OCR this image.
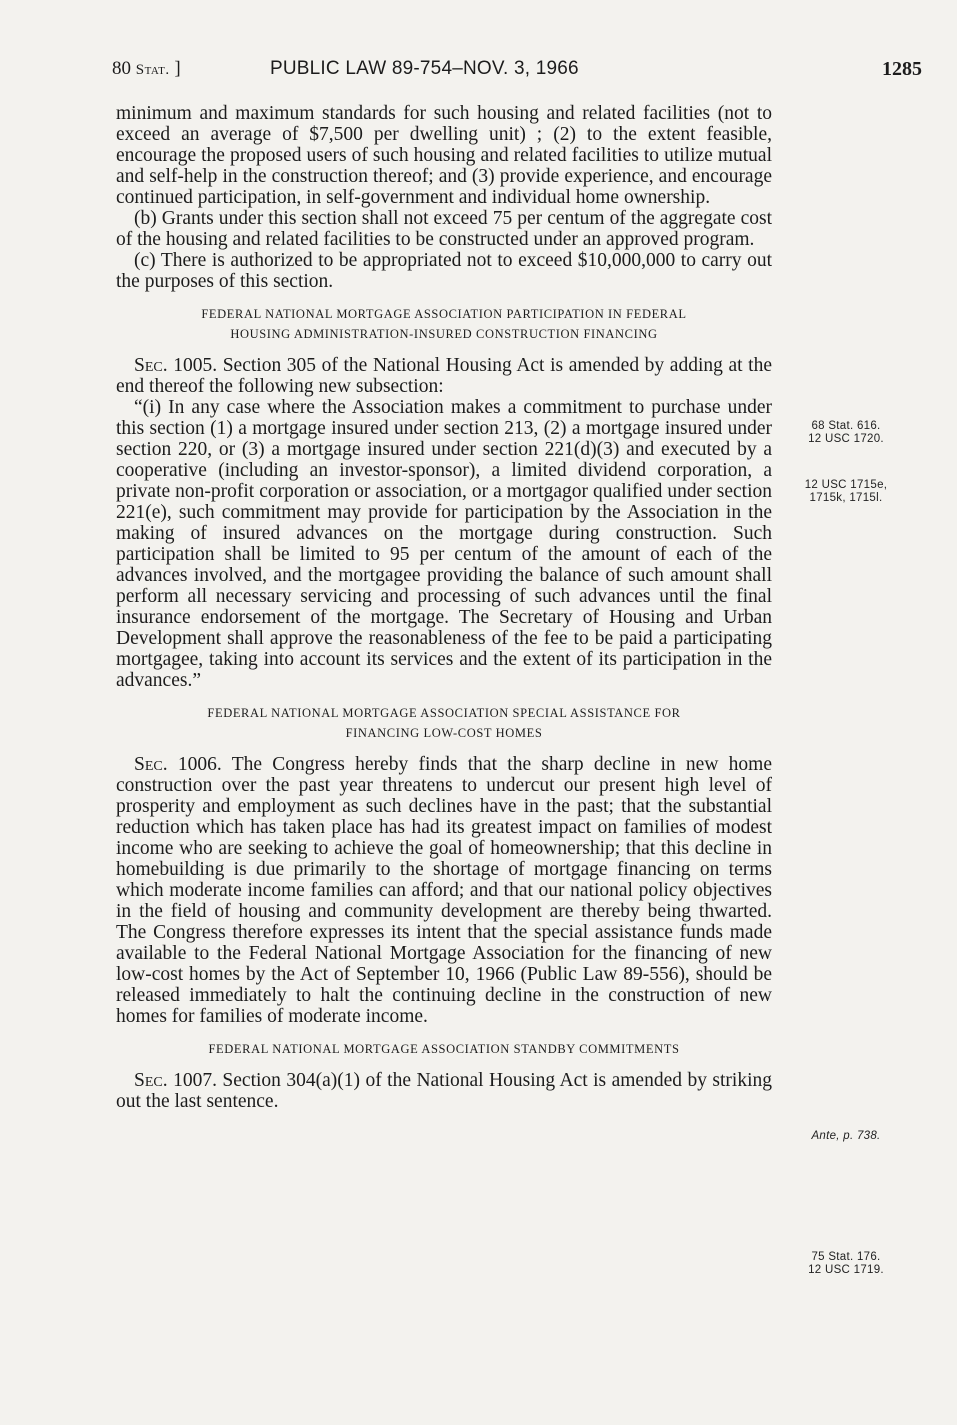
80 Stat. ]	PUBLIC LAW 89-754–NOV. 3, 1966	1285

minimum and maximum standards for such housing and related facilities (not to exceed an average of $7,500 per dwelling unit) ; (2) to the extent feasible, encourage the proposed users of such housing and related facilities to utilize mutual and self-help in the construction thereof; and (3) provide experience, and encourage continued participation, in self-government and individual home ownership.

(b) Grants under this section shall not exceed 75 per centum of the aggregate cost of the housing and related facilities to be constructed under an approved program.

(c) There is authorized to be appropriated not to exceed $10,000,000 to carry out the purposes of this section.

FEDERAL NATIONAL MORTGAGE ASSOCIATION PARTICIPATION IN FEDERAL
HOUSING ADMINISTRATION-INSURED CONSTRUCTION FINANCING

Sec. 1005. Section 305 of the National Housing Act is amended by adding at the end thereof the following new subsection:

“(i) In any case where the Association makes a commitment to purchase under this section (1) a mortgage insured under section 213, (2) a mortgage insured under section 220, or (3) a mortgage insured under section 221(d)(3) and executed by a cooperative (including an investor-sponsor), a limited dividend corporation, a private non-profit corporation or association, or a mortgagor qualified under section 221(e), such commitment may provide for participation by the Association in the making of insured advances on the mortgage during construction. Such participation shall be limited to 95 per centum of the amount of each of the advances involved, and the mortgagee providing the balance of such amount shall perform all necessary servicing and processing of such advances until the final insurance endorsement of the mortgage. The Secretary of Housing and Urban Development shall approve the reasonableness of the fee to be paid a participating mortgagee, taking into account its services and the extent of its participation in the advances.”

FEDERAL NATIONAL MORTGAGE ASSOCIATION SPECIAL ASSISTANCE FOR
FINANCING LOW-COST HOMES

Sec. 1006. The Congress hereby finds that the sharp decline in new home construction over the past year threatens to undercut our present high level of prosperity and employment as such declines have in the past; that the substantial reduction which has taken place has had its greatest impact on families of modest income who are seeking to achieve the goal of homeownership; that this decline in homebuilding is due primarily to the shortage of mortgage financing on terms which moderate income families can afford; and that our national policy objectives in the field of housing and community development are thereby being thwarted. The Congress therefore expresses its intent that the special assistance funds made available to the Federal National Mortgage Association for the financing of new low-cost homes by the Act of September 10, 1966 (Public Law 89-556), should be released immediately to halt the continuing decline in the construction of new homes for families of moderate income.

FEDERAL NATIONAL MORTGAGE ASSOCIATION STANDBY COMMITMENTS

Sec. 1007. Section 304(a)(1) of the National Housing Act is amended by striking out the last sentence.

68 Stat. 616.
12 USC 1720.
12 USC 1715e,
1715k, 1715l.
Ante, p. 738.
75 Stat. 176.
12 USC 1719.
